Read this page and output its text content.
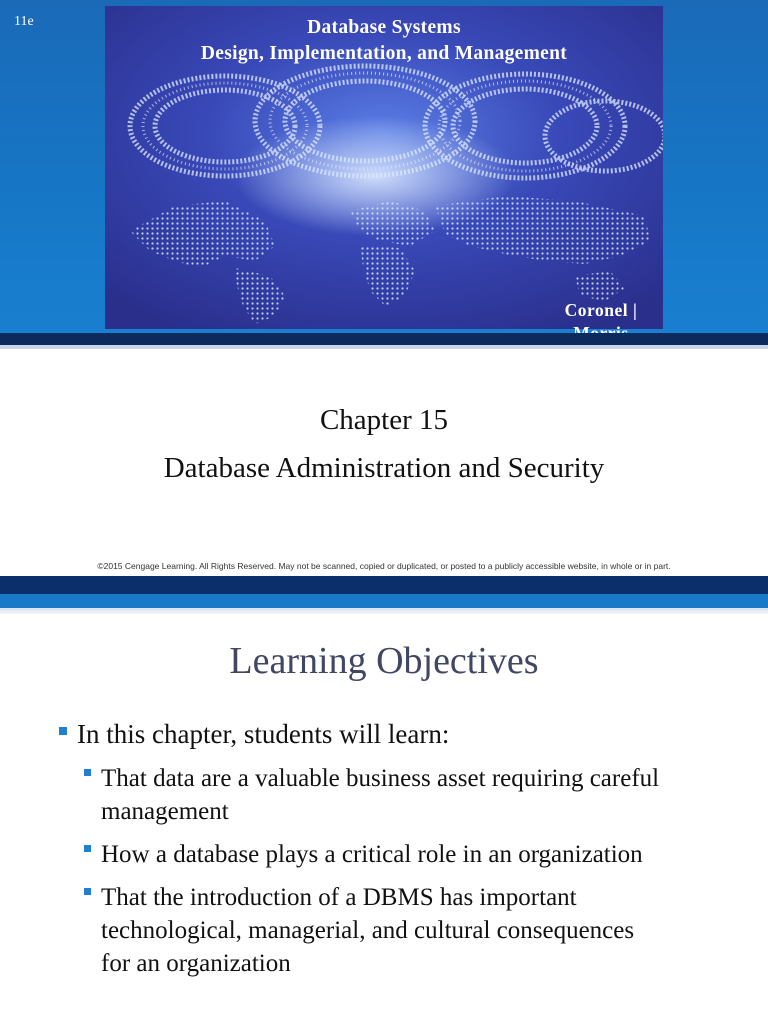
11e	Database Systems
Design, Implementation, and Management
Coronel |
Chapter 15
Database Administration and Security
©2015 Cengage Learning. All Rights Reserved. May not be scanned, copied or duplicated, or posted to a publicly accessible website, in whole or in part.
Learning Objectives
In this chapter, students will learn:
That data are a valuable business asset requiring careful
management
How a database plays a critical role in an organization
That the introduction of a DBMS has important
technological, managerial, and cultural consequences
for an organization
